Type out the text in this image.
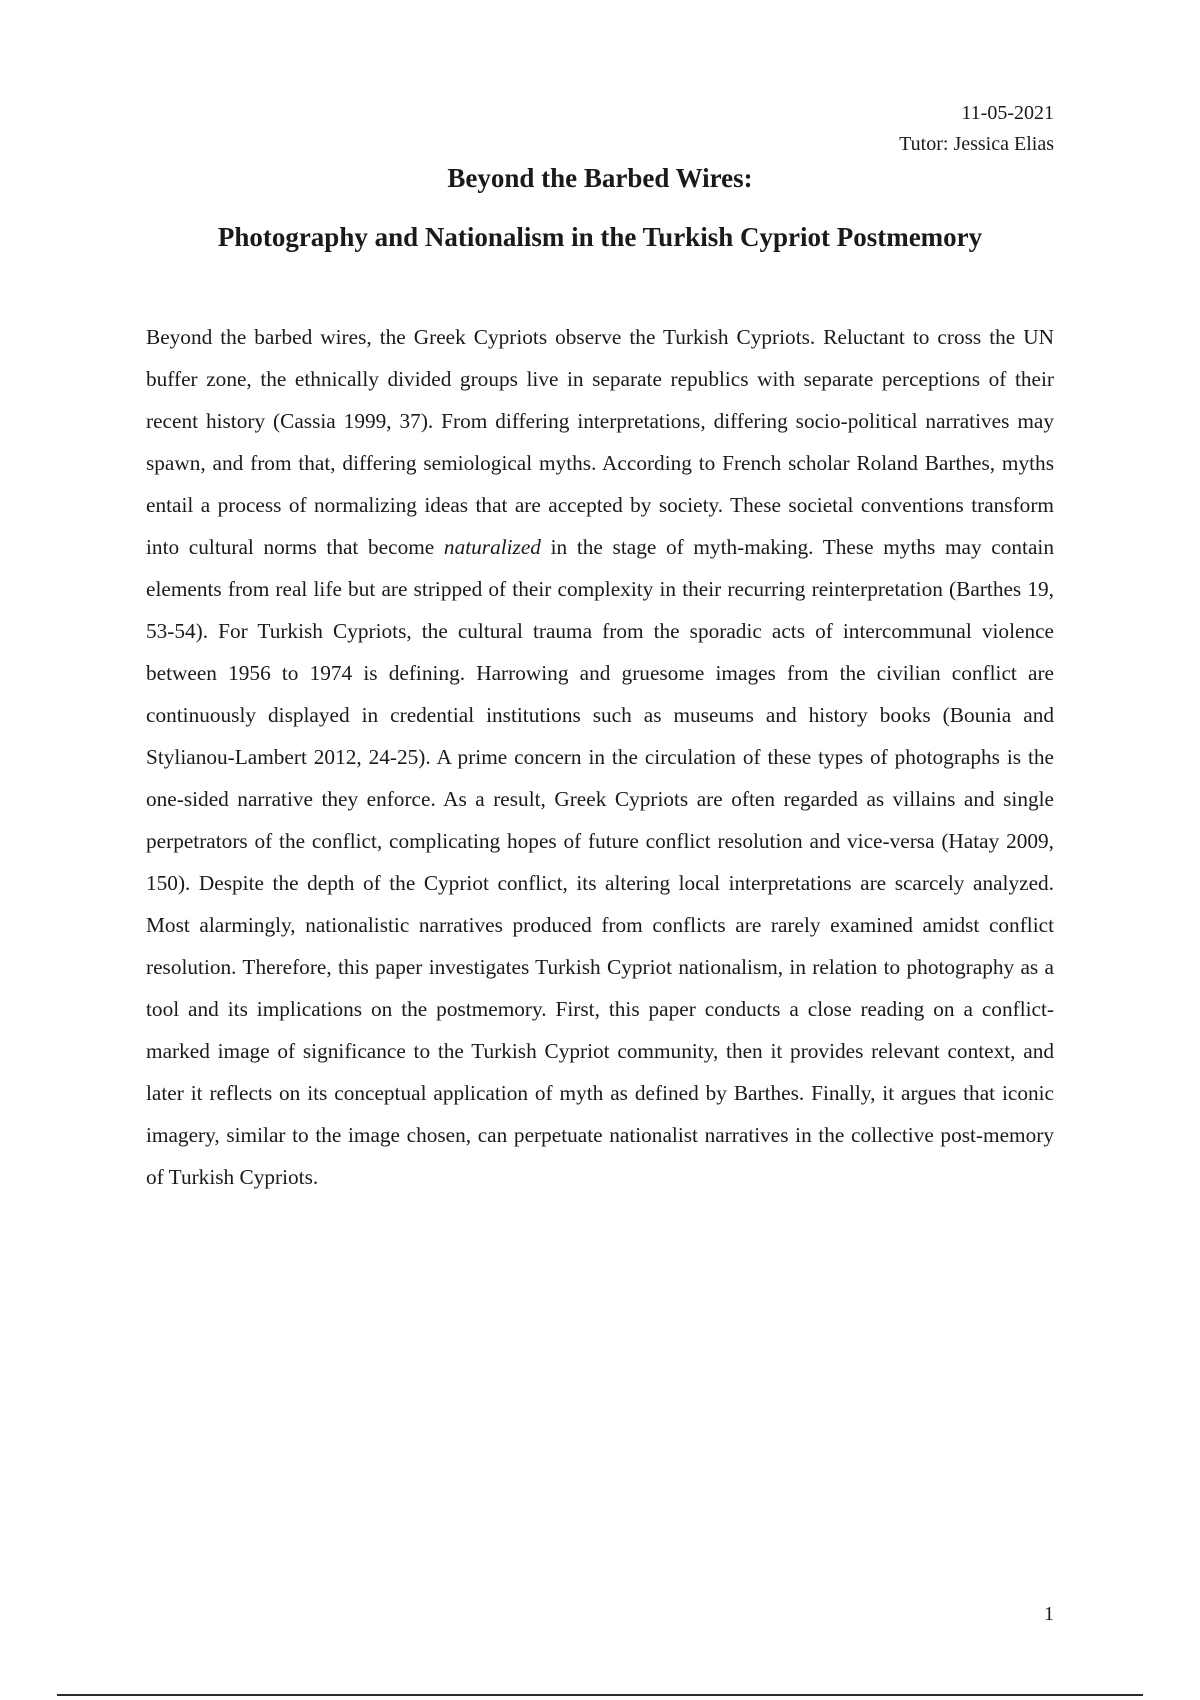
11-05-2021
Tutor: Jessica Elias
Beyond the Barbed Wires:
Photography and Nationalism in the Turkish Cypriot Postmemory

Beyond the barbed wires, the Greek Cypriots observe the Turkish Cypriots. Reluctant to cross the UN buffer zone, the ethnically divided groups live in separate republics with separate perceptions of their recent history (Cassia 1999, 37). From differing interpretations, differing socio-political narratives may spawn, and from that, differing semiological myths. According to French scholar Roland Barthes, myths entail a process of normalizing ideas that are accepted by society. These societal conventions transform into cultural norms that become naturalized in the stage of myth-making. These myths may contain elements from real life but are stripped of their complexity in their recurring reinterpretation (Barthes 19, 53-54). For Turkish Cypriots, the cultural trauma from the sporadic acts of intercommunal violence between 1956 to 1974 is defining. Harrowing and gruesome images from the civilian conflict are continuously displayed in credential institutions such as museums and history books (Bounia and Stylianou-Lambert 2012, 24-25). A prime concern in the circulation of these types of photographs is the one-sided narrative they enforce. As a result, Greek Cypriots are often regarded as villains and single perpetrators of the conflict, complicating hopes of future conflict resolution and vice-versa (Hatay 2009, 150). Despite the depth of the Cypriot conflict, its altering local interpretations are scarcely analyzed. Most alarmingly, nationalistic narratives produced from conflicts are rarely examined amidst conflict resolution. Therefore, this paper investigates Turkish Cypriot nationalism, in relation to photography as a tool and its implications on the postmemory. First, this paper conducts a close reading on a conflict-marked image of significance to the Turkish Cypriot community, then it provides relevant context, and later it reflects on its conceptual application of myth as defined by Barthes. Finally, it argues that iconic imagery, similar to the image chosen, can perpetuate nationalist narratives in the collective post-memory of Turkish Cypriots.

1
